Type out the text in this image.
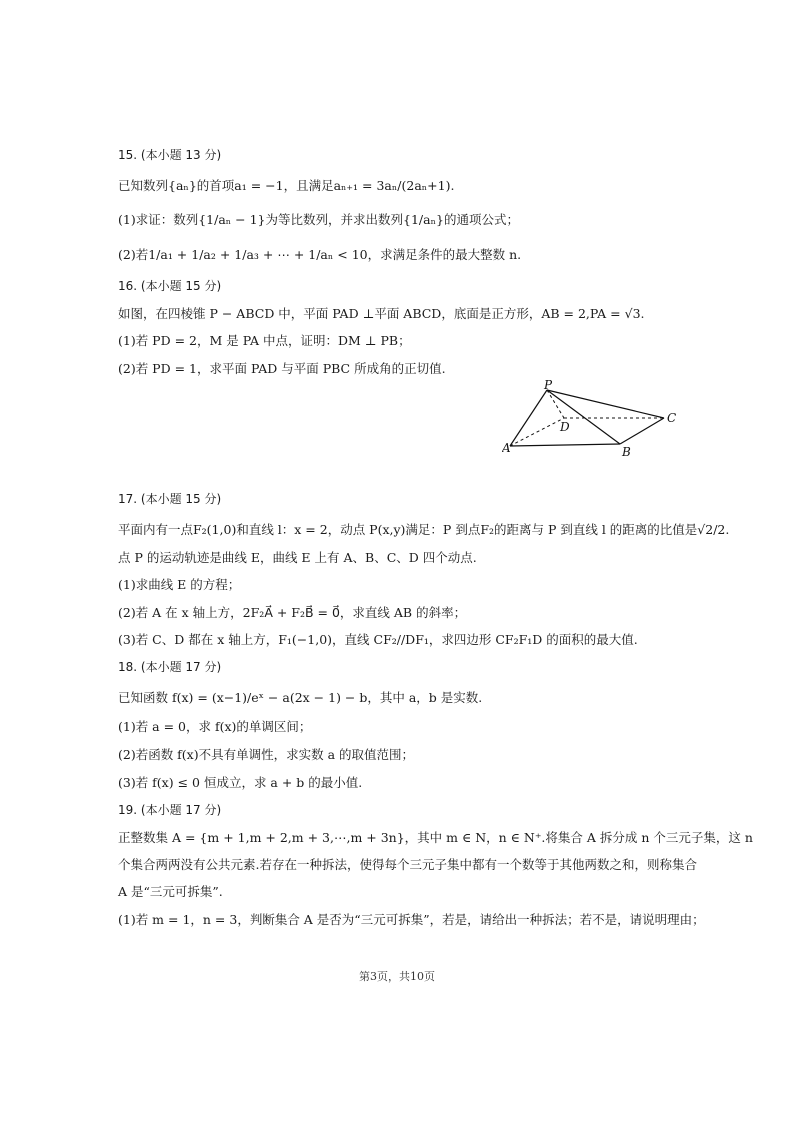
15. (本小题 13 分)
已知数列{aₙ}的首项a₁ = −1，且满足aₙ₊₁ = 3aₙ/(2aₙ+1).
(1)求证：数列{1/aₙ − 1}为等比数列，并求出数列{1/aₙ}的通项公式；
(2)若1/a₁ + 1/a₂ + 1/a₃ + ⋯ + 1/aₙ < 10，求满足条件的最大整数 n.
16. (本小题 15 分)
如图，在四棱锥 P − ABCD 中，平面 PAD ⊥平面 ABCD，底面是正方形，AB = 2,PA = √3.
(1)若 PD = 2，M 是 PA 中点，证明：DM ⊥ PB；
(2)若 PD = 1，求平面 PAD 与平面 PBC 所成角的正切值.
P
A	B
C
D
17. (本小题 15 分)
平面内有一点F₂(1,0)和直线 l：x = 2，动点 P(x,y)满足：P 到点F₂的距离与 P 到直线 l 的距离的比值是√2/2.
点 P 的运动轨迹是曲线 E，曲线 E 上有 A、B、C、D 四个动点.
(1)求曲线 E 的方程；
(2)若 A 在 x 轴上方，2F₂A⃗ + F₂B⃗ = 0⃗，求直线 AB 的斜率；
(3)若 C、D 都在 x 轴上方，F₁(−1,0)，直线 CF₂//DF₁，求四边形 CF₂F₁D 的面积的最大值.
18. (本小题 17 分)
已知函数 f(x) = (x−1)/eˣ − a(2x − 1) − b，其中 a，b 是实数.
(1)若 a = 0，求 f(x)的单调区间；
(2)若函数 f(x)不具有单调性，求实数 a 的取值范围；
(3)若 f(x) ≤ 0 恒成立，求 a + b 的最小值.
19. (本小题 17 分)
正整数集 A = {m + 1,m + 2,m + 3,⋯,m + 3n}，其中 m ∈ N，n ∈ N⁺.将集合 A 拆分成 n 个三元子集，这 n
个集合两两没有公共元素.若存在一种拆法，使得每个三元子集中都有一个数等于其他两数之和，则称集合
A 是“三元可拆集”.
(1)若 m = 1，n = 3，判断集合 A 是否为“三元可拆集”，若是，请给出一种拆法；若不是，请说明理由；
第3页，共10页
